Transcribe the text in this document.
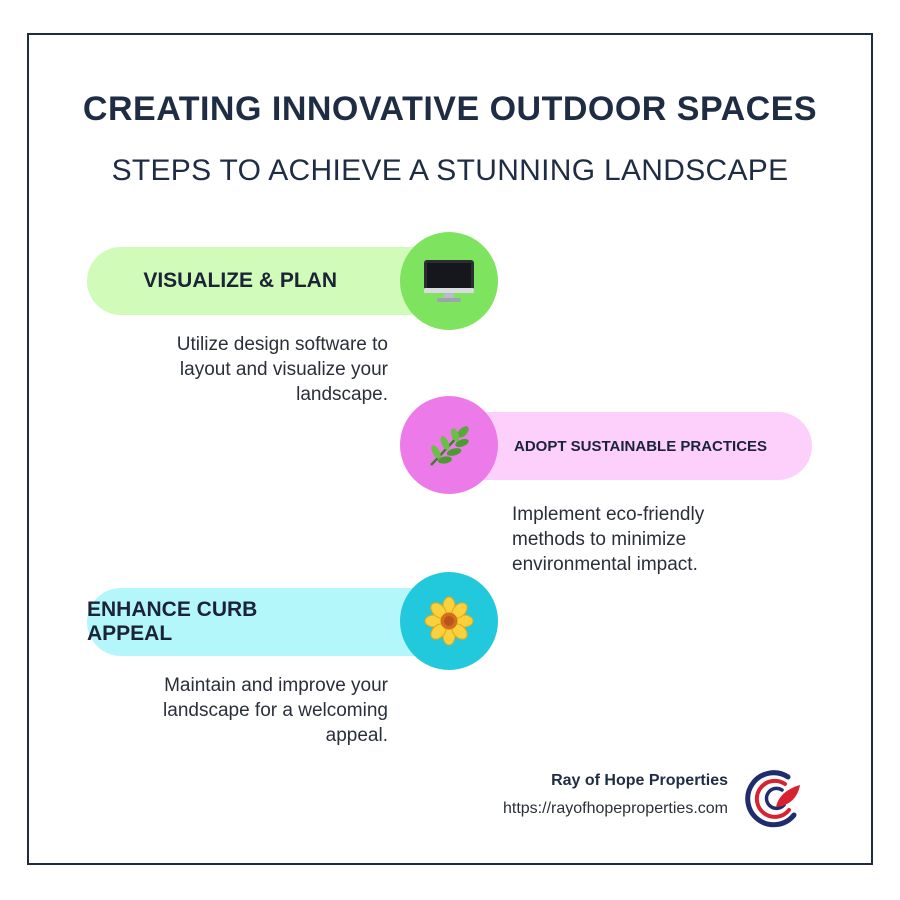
CREATING INNOVATIVE OUTDOOR SPACES
STEPS TO ACHIEVE A STUNNING LANDSCAPE
VISUALIZE & PLAN
Utilize design software to layout and visualize your landscape.
ADOPT SUSTAINABLE PRACTICES
Implement eco-friendly methods to minimize environmental impact.
ENHANCE CURB APPEAL
Maintain and improve your landscape for a welcoming appeal.
Ray of Hope Properties
https://rayofhopeproperties.com
